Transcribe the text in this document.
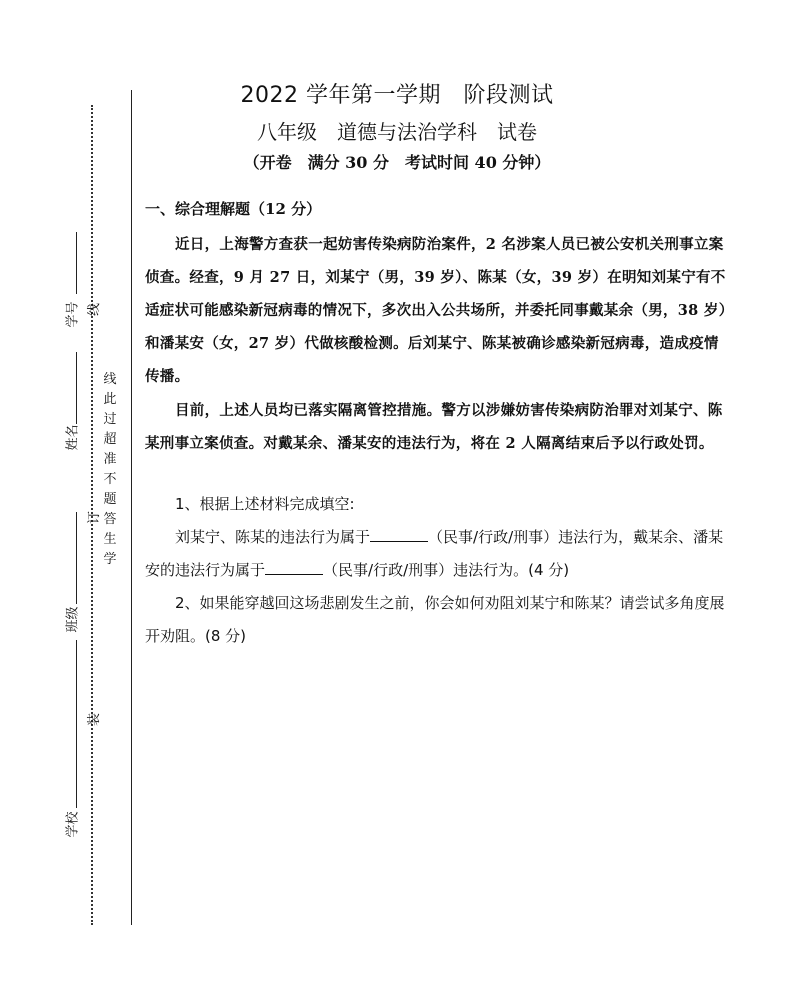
学号 线
姓名
订
班级
装
学校
线
此
过
超
准
不
题
答
生
学
2022 学年第一学期　阶段测试
八年级　道德与法治学科　试卷
（开卷　满分 30 分　考试时间 40 分钟）
一、综合理解题（12 分）
近日，上海警方查获一起妨害传染病防治案件，2 名涉案人员已被公安机关刑事立案侦查。经查，9 月 27 日，刘某宁（男，39 岁）、陈某（女，39 岁）在明知刘某宁有不适症状可能感染新冠病毒的情况下，多次出入公共场所，并委托同事戴某余（男，38 岁）和潘某安（女，27 岁）代做核酸检测。后刘某宁、陈某被确诊感染新冠病毒，造成疫情传播。
目前，上述人员均已落实隔离管控措施。警方以涉嫌妨害传染病防治罪对刘某宁、陈某刑事立案侦查。对戴某余、潘某安的违法行为，将在 2 人隔离结束后予以行政处罚。
1、根据上述材料完成填空:
刘某宁、陈某的违法行为属于	（民事/行政/刑事）违法行为，戴某余、潘某安的违法行为属于	（民事/行政/刑事）违法行为。(4 分)
2、如果能穿越回这场悲剧发生之前，你会如何劝阻刘某宁和陈某？请尝试多角度展开劝阻。(8 分)
